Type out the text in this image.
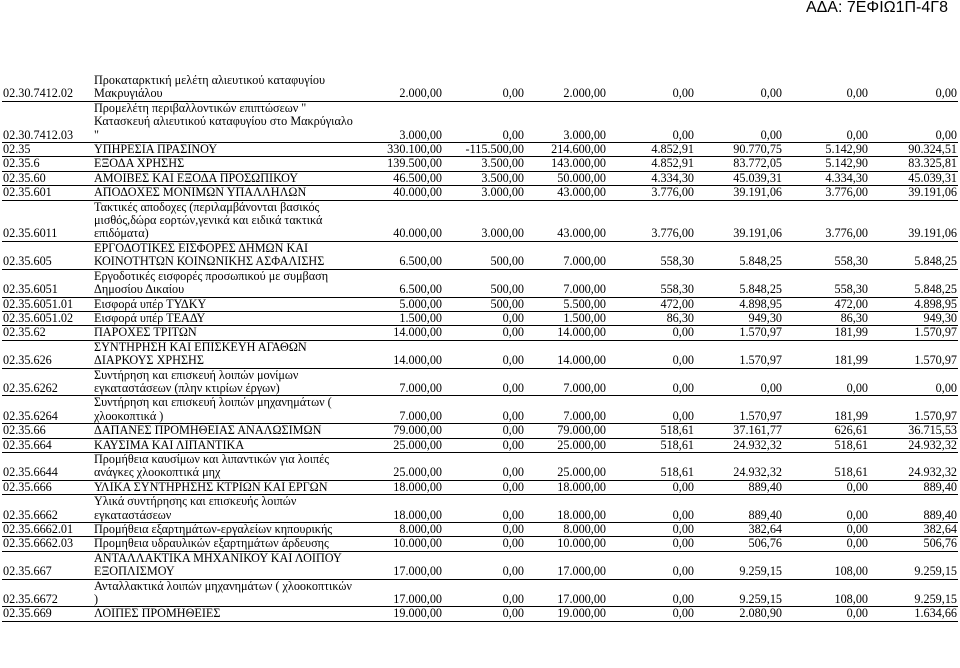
ΑΔΑ: 7ΕΦΙΩ1Π-4Γ8
02.30.7412.02	Προκαταρκτική μελέτη αλιευτικού καταφυγίου Μακρυγιάλου	2.000,00	0,00	2.000,00	0,00	0,00	0,00	0,00
02.30.7412.03	Προμελέτη περιβαλλοντικών επιπτώσεων " Κατασκευή αλιευτικού καταφυγίου στο Μακρύγιαλο "	3.000,00	0,00	3.000,00	0,00	0,00	0,00	0,00
02.35	ΥΠΗΡΕΣΙΑ ΠΡΑΣΙΝΟΥ	330.100,00	-115.500,00	214.600,00	4.852,91	90.770,75	5.142,90	90.324,51
02.35.6	ΕΞΟΔΑ ΧΡΗΣΗΣ	139.500,00	3.500,00	143.000,00	4.852,91	83.772,05	5.142,90	83.325,81
02.35.60	ΑΜΟΙΒΕΣ ΚΑΙ ΕΞΟΔΑ ΠΡΟΣΩΠΙΚΟΥ	46.500,00	3.500,00	50.000,00	4.334,30	45.039,31	4.334,30	45.039,31
02.35.601	ΑΠΟΔΟΧΕΣ ΜΟΝΙΜΩΝ ΥΠΑΛΛΗΛΩΝ	40.000,00	3.000,00	43.000,00	3.776,00	39.191,06	3.776,00	39.191,06
02.35.6011	Τακτικές αποδοχες (περιλαμβάνονται βασικός μισθός,δώρα εορτών,γενικά και ειδικά τακτικά επιδόματα)	40.000,00	3.000,00	43.000,00	3.776,00	39.191,06	3.776,00	39.191,06
02.35.605	ΕΡΓΟΔΟΤΙΚΕΣ ΕΙΣΦΟΡΕΣ ΔΗΜΩΝ ΚΑΙ ΚΟΙΝΟΤΗΤΩΝ ΚΟΙΝΩΝΙΚΗΣ ΑΣΦΑΛΙΣΗΣ	6.500,00	500,00	7.000,00	558,30	5.848,25	558,30	5.848,25
02.35.6051	Εργοδοτικές εισφορές προσωπικού με συμβαση Δημοσίου Δικαίου	6.500,00	500,00	7.000,00	558,30	5.848,25	558,30	5.848,25
02.35.6051.01	Εισφορά υπέρ ΤΥΔΚΥ	5.000,00	500,00	5.500,00	472,00	4.898,95	472,00	4.898,95
02.35.6051.02	Εισφορά υπέρ ΤΕΑΔΥ	1.500,00	0,00	1.500,00	86,30	949,30	86,30	949,30
02.35.62	ΠΑΡΟΧΕΣ ΤΡΙΤΩΝ	14.000,00	0,00	14.000,00	0,00	1.570,97	181,99	1.570,97
02.35.626	ΣΥΝΤΗΡΗΣΗ ΚΑΙ ΕΠΙΣΚΕΥΗ ΑΓΑΘΩΝ ΔΙΑΡΚΟΥΣ ΧΡΗΣΗΣ	14.000,00	0,00	14.000,00	0,00	1.570,97	181,99	1.570,97
02.35.6262	Συντήρηση και επισκευή λοιπών μονίμων εγκαταστάσεων (πλην κτιρίων έργων)	7.000,00	0,00	7.000,00	0,00	0,00	0,00	0,00
02.35.6264	Συντήρηση και επισκευή λοιπών μηχανημάτων ( χλοοκοπτικά )	7.000,00	0,00	7.000,00	0,00	1.570,97	181,99	1.570,97
02.35.66	ΔΑΠΑΝΕΣ ΠΡΟΜΗΘΕΙΑΣ ΑΝΑΛΩΣΙΜΩΝ	79.000,00	0,00	79.000,00	518,61	37.161,77	626,61	36.715,53
02.35.664	ΚΑΥΣΙΜΑ ΚΑΙ ΛΙΠΑΝΤΙΚΑ	25.000,00	0,00	25.000,00	518,61	24.932,32	518,61	24.932,32
02.35.6644	Προμήθεια καυσίμων και λιπαντικών για λοιπές ανάγκες χλοοκοπτικά μηχ	25.000,00	0,00	25.000,00	518,61	24.932,32	518,61	24.932,32
02.35.666	ΥΛΙΚΑ ΣΥΝΤΗΡΗΣΗΣ ΚΤΡΙΩΝ ΚΑΙ ΕΡΓΩΝ	18.000,00	0,00	18.000,00	0,00	889,40	0,00	889,40
02.35.6662	Υλικά συντήρησης και επισκευής λοιπών εγκαταστάσεων	18.000,00	0,00	18.000,00	0,00	889,40	0,00	889,40
02.35.6662.01	Προμήθεια εξαρτημάτων-εργαλείων κηπουρικής	8.000,00	0,00	8.000,00	0,00	382,64	0,00	382,64
02.35.6662.03	Προμηθεια υδραυλικών εξαρτημάτων άρδευσης	10.000,00	0,00	10.000,00	0,00	506,76	0,00	506,76
02.35.667	ΑΝΤΑΛΛΑΚΤΙΚΑ ΜΗΧΑΝΙΚΟΥ ΚΑΙ ΛΟΙΠΟΥ ΕΞΟΠΛΙΣΜΟΥ	17.000,00	0,00	17.000,00	0,00	9.259,15	108,00	9.259,15
02.35.6672	Ανταλλακτικά λοιπών μηχανημάτων ( χλοοκοπτικών )	17.000,00	0,00	17.000,00	0,00	9.259,15	108,00	9.259,15
02.35.669	ΛΟΙΠΕΣ ΠΡΟΜΗΘΕΙΕΣ	19.000,00	0,00	19.000,00	0,00	2.080,90	0,00	1.634,66
